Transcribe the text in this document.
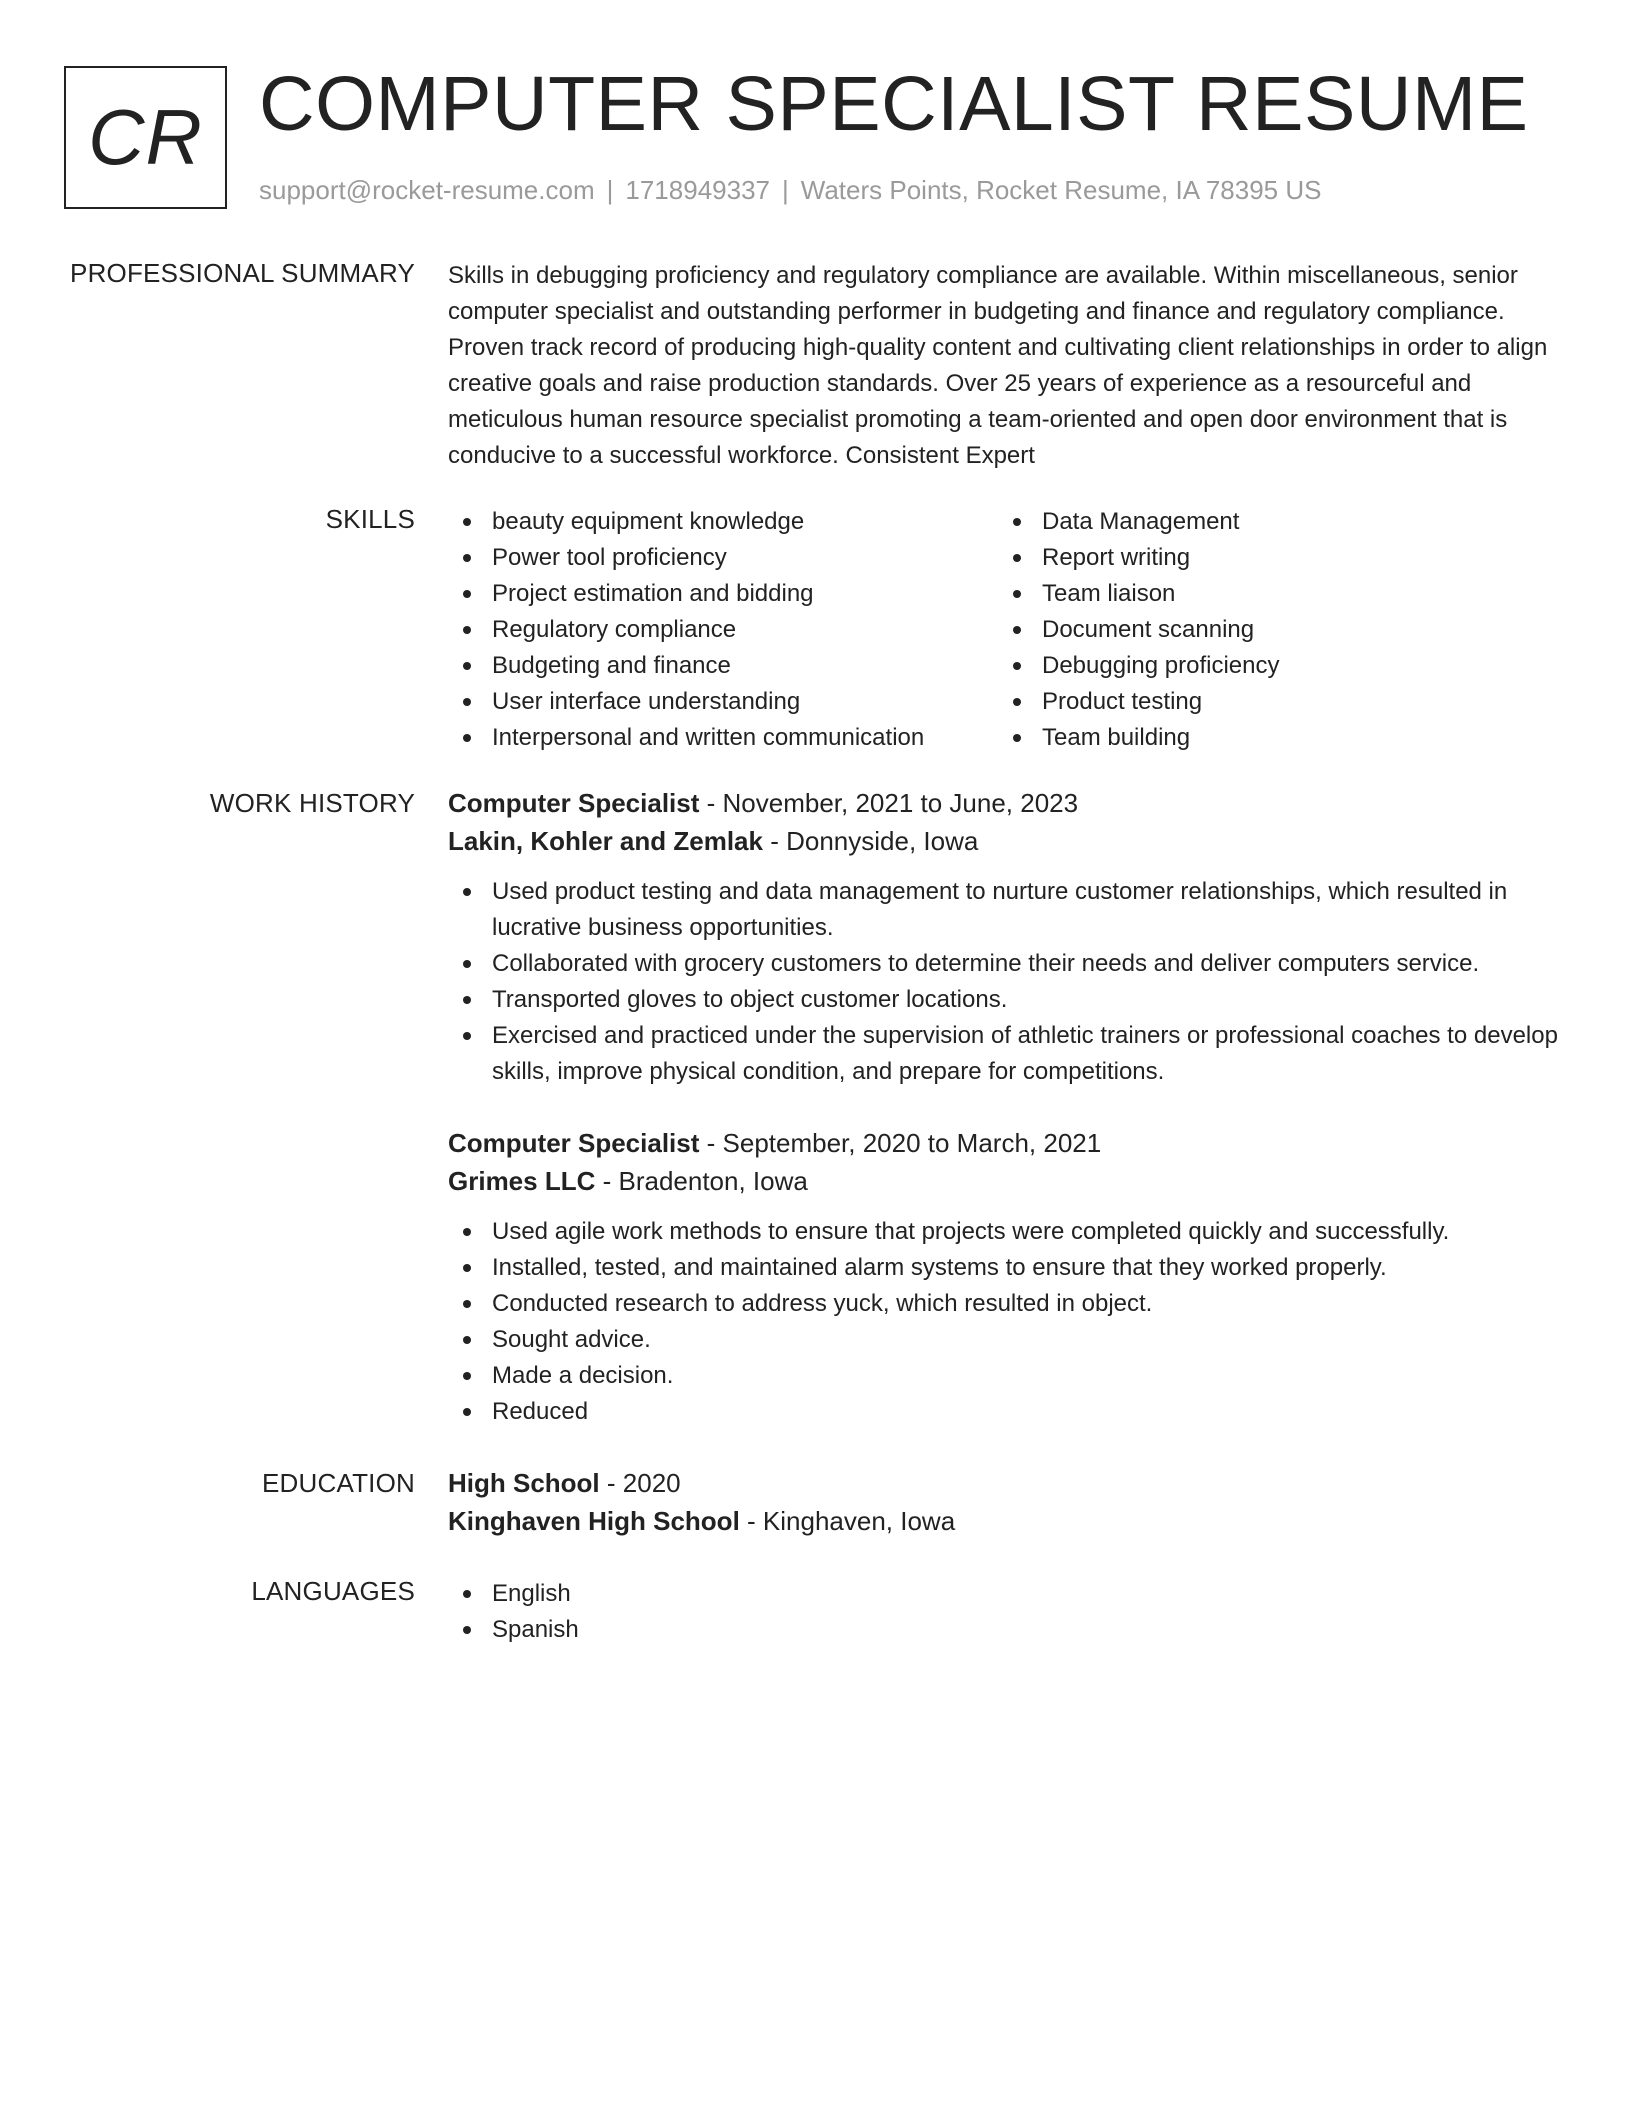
CR COMPUTER SPECIALIST RESUME
support@rocket-resume.com | 1718949337 | Waters Points, Rocket Resume, IA 78395 US
PROFESSIONAL SUMMARY Skills in debugging proficiency and regulatory compliance are available. Within miscellaneous, senior computer specialist and outstanding performer in budgeting and finance and regulatory compliance. Proven track record of producing high-quality content and cultivating client relationships in order to align creative goals and raise production standards. Over 25 years of experience as a resourceful and meticulous human resource specialist promoting a team-oriented and open door environment that is conducive to a successful workforce. Consistent Expert
SKILLS	beauty equipment knowledge
Power tool proficiency
Project estimation and bidding
Regulatory compliance
Budgeting and finance
User interface understanding
Interpersonal and written communication
Data Management
Report writing
Team liaison
Document scanning
Debugging proficiency
Product testing
Team building
WORK HISTORY Computer Specialist - November, 2021 to June, 2023
Lakin, Kohler and Zemlak - Donnyside, Iowa
Used product testing and data management to nurture customer relationships, which resulted in lucrative business opportunities.
Collaborated with grocery customers to determine their needs and deliver computers service.
Transported gloves to object customer locations.
Exercised and practiced under the supervision of athletic trainers or professional coaches to develop skills, improve physical condition, and prepare for competitions.
Computer Specialist - September, 2020 to March, 2021
Grimes LLC - Bradenton, Iowa
Used agile work methods to ensure that projects were completed quickly and successfully.
Installed, tested, and maintained alarm systems to ensure that they worked properly.
Conducted research to address yuck, which resulted in object.
Sought advice.
Made a decision.
Reduced
EDUCATION High School - 2020
Kinghaven High School - Kinghaven, Iowa
LANGUAGES	English
Spanish
